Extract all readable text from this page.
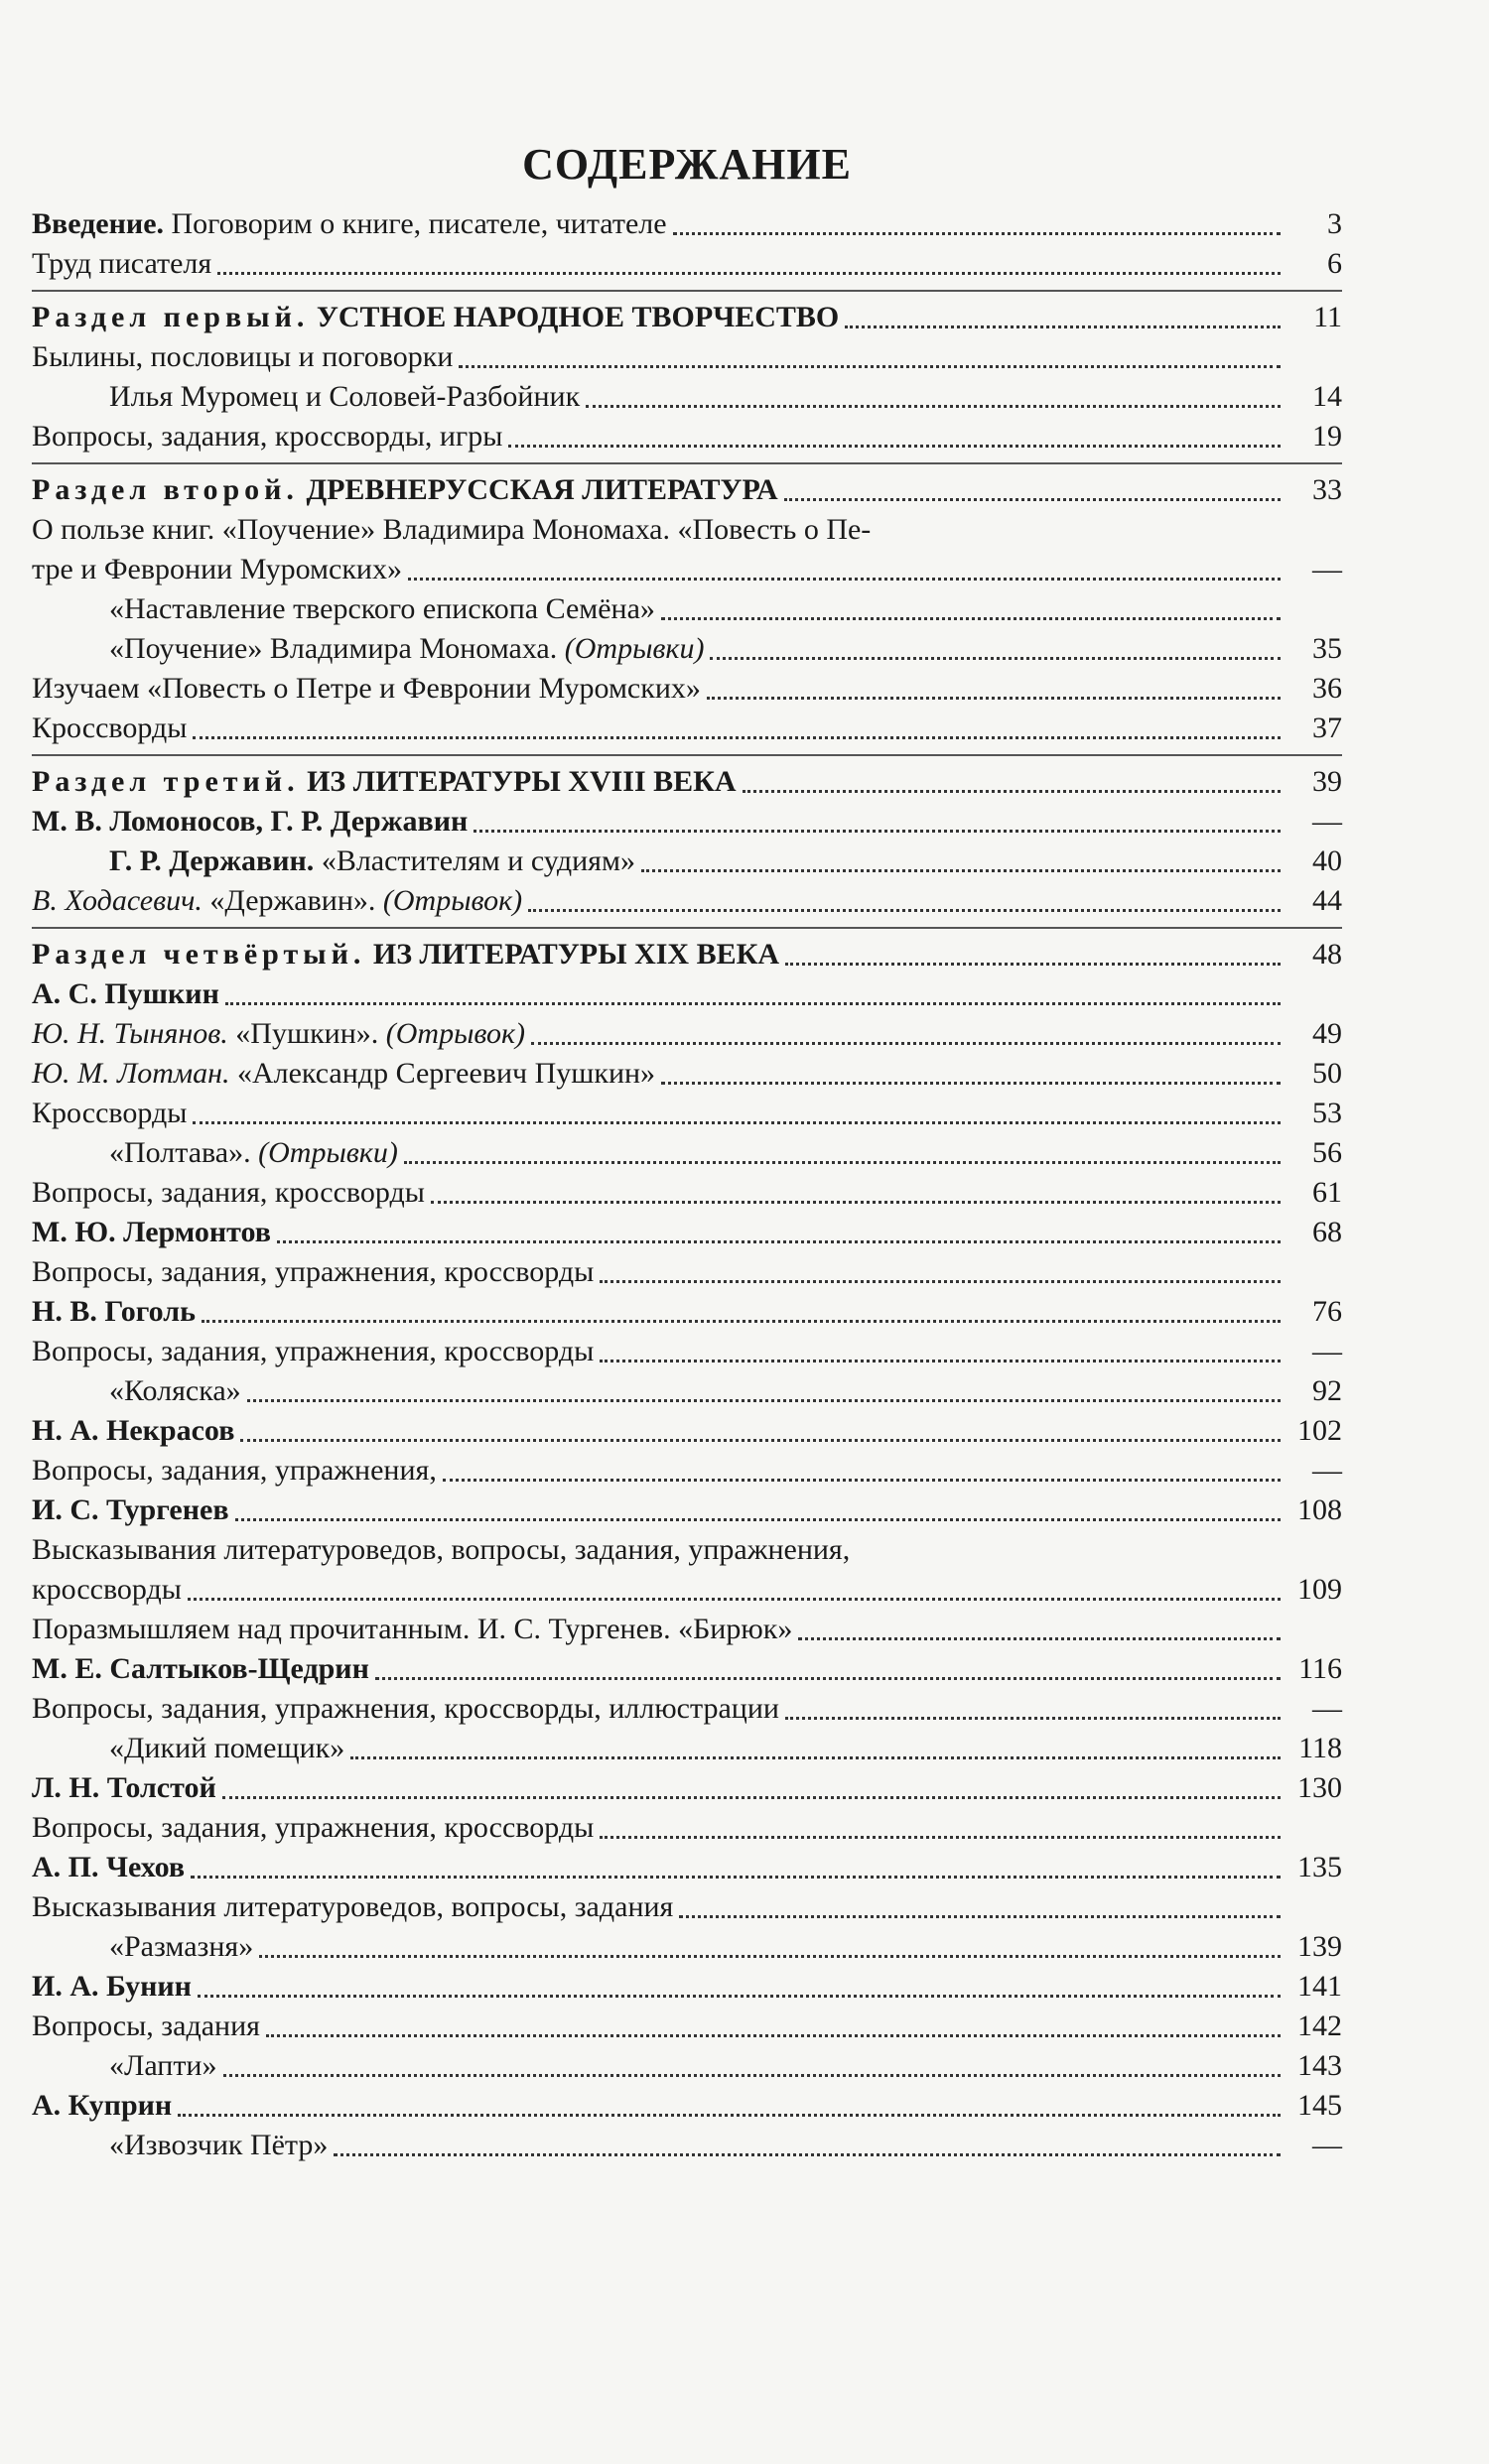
СОДЕРЖАНИЕ
Введение. Поговорим о книге, писателе, читателе	3
Труд писателя	6
Раздел первый. УСТНОЕ НАРОДНОЕ ТВОРЧЕСТВО	11
Былины, пословицы и поговорки
Илья Муромец и Соловей-Разбойник	14
Вопросы, задания, кроссворды, игры	19
Раздел второй. ДРЕВНЕРУССКАЯ ЛИТЕРАТУРА	33
О пользе книг. «Поучение» Владимира Мономаха. «Повесть о Пе-
тре и Февронии Муромских»	—
«Наставление тверского епископа Семёна»
«Поучение» Владимира Мономаха. (Отрывки)	35
Изучаем «Повесть о Петре и Февронии Муромских»	36
Кроссворды	37
Раздел третий. ИЗ ЛИТЕРАТУРЫ XVIII ВЕКА	39
М. В. Ломоносов, Г. Р. Державин	—
Г. Р. Державин. «Властителям и судиям»	40
В. Ходасевич. «Державин». (Отрывок)	44
Раздел четвёртый. ИЗ ЛИТЕРАТУРЫ XIX ВЕКА	48
А. С. Пушкин
Ю. Н. Тынянов. «Пушкин». (Отрывок)	49
Ю. М. Лотман. «Александр Сергеевич Пушкин»	50
Кроссворды	53
«Полтава». (Отрывки)	56
Вопросы, задания, кроссворды	61
М. Ю. Лермонтов	68
Вопросы, задания, упражнения, кроссворды
Н. В. Гоголь	76
Вопросы, задания, упражнения, кроссворды	—
«Коляска»	92
Н. А. Некрасов	102
Вопросы, задания, упражнения,	—
И. С. Тургенев	108
Высказывания литературоведов, вопросы, задания, упражнения,
кроссворды	109
Поразмышляем над прочитанным. И. С. Тургенев. «Бирюк»
М. Е. Салтыков-Щедрин	116
Вопросы, задания, упражнения, кроссворды, иллюстрации	—
«Дикий помещик»	118
Л. Н. Толстой	130
Вопросы, задания, упражнения, кроссворды
А. П. Чехов	135
Высказывания литературоведов, вопросы, задания
«Размазня»	139
И. А. Бунин	141
Вопросы, задания	142
«Лапти»	143
А. Куприн	145
«Извозчик Пётр»	—
